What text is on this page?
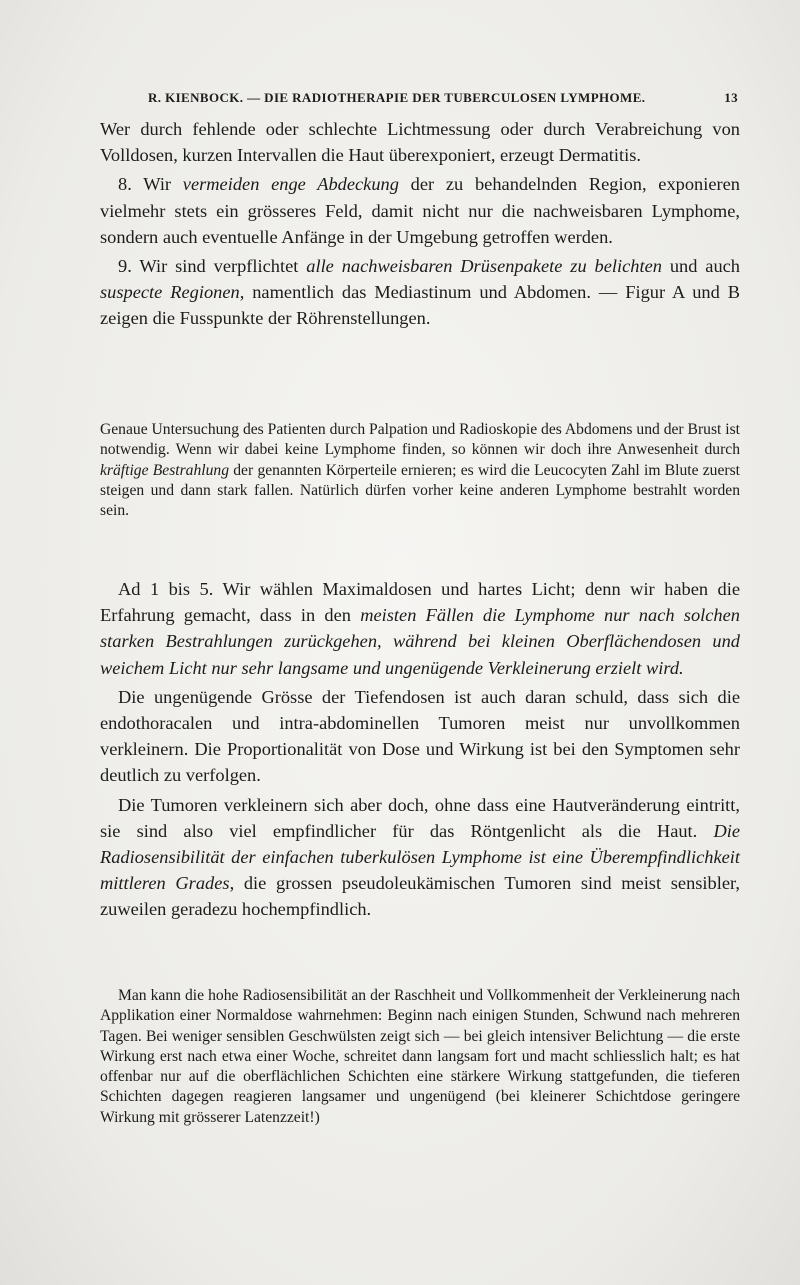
R. KIENBOCK. — DIE RADIOTHERAPIE DER TUBERCULOSEN LYMPHOME.	13

Wer durch fehlende oder schlechte Lichtmessung oder durch Verabreichung von Volldosen, kurzen Intervallen die Haut überexponiert, erzeugt Dermatitis.

8. Wir vermeiden enge Abdeckung der zu behandelnden Region, exponieren vielmehr stets ein grösseres Feld, damit nicht nur die nachweisbaren Lymphome, sondern auch eventuelle Anfänge in der Umgebung getroffen werden.

9. Wir sind verpflichtet alle nachweisbaren Drüsenpakete zu belichten und auch suspecte Regionen, namentlich das Mediastinum und Abdomen. — Figur A und B zeigen die Fusspunkte der Röhrenstellungen.

Genaue Untersuchung des Patienten durch Palpation und Radioskopie des Abdomens und der Brust ist notwendig. Wenn wir dabei keine Lymphome finden, so können wir doch ihre Anwesenheit durch kräftige Bestrahlung der genannten Körperteile ernieren; es wird die Leucocyten Zahl im Blute zuerst steigen und dann stark fallen. Natürlich dürfen vorher keine anderen Lymphome bestrahlt worden sein.

Ad 1 bis 5. Wir wählen Maximaldosen und hartes Licht; denn wir haben die Erfahrung gemacht, dass in den meisten Fällen die Lymphome nur nach solchen starken Bestrahlungen zurückgehen, während bei kleinen Oberflächendosen und weichem Licht nur sehr langsame und ungenügende Verkleinerung erzielt wird.

Die ungenügende Grösse der Tiefendosen ist auch daran schuld, dass sich die endothoracalen und intra-abdominellen Tumoren meist nur unvollkommen verkleinern. Die Proportionalität von Dose und Wirkung ist bei den Symptomen sehr deutlich zu verfolgen.

Die Tumoren verkleinern sich aber doch, ohne dass eine Hautveränderung eintritt, sie sind also viel empfindlicher für das Röntgenlicht als die Haut. Die Radiosensibilität der einfachen tuberkulösen Lymphome ist eine Überempfindlichkeit mittleren Grades, die grossen pseudoleukämischen Tumoren sind meist sensibler, zuweilen geradezu hochempfindlich.

Man kann die hohe Radiosensibilität an der Raschheit und Vollkommenheit der Verkleinerung nach Applikation einer Normaldose wahrnehmen: Beginn nach einigen Stunden, Schwund nach mehreren Tagen. Bei weniger sensiblen Geschwülsten zeigt sich — bei gleich intensiver Belichtung — die erste Wirkung erst nach etwa einer Woche, schreitet dann langsam fort und macht schliesslich halt; es hat offenbar nur auf die oberflächlichen Schichten eine stärkere Wirkung stattgefunden, die tieferen Schichten dagegen reagieren langsamer und ungenügend (bei kleinerer Schichtdose geringere Wirkung mit grösserer Latenzzeit!)
